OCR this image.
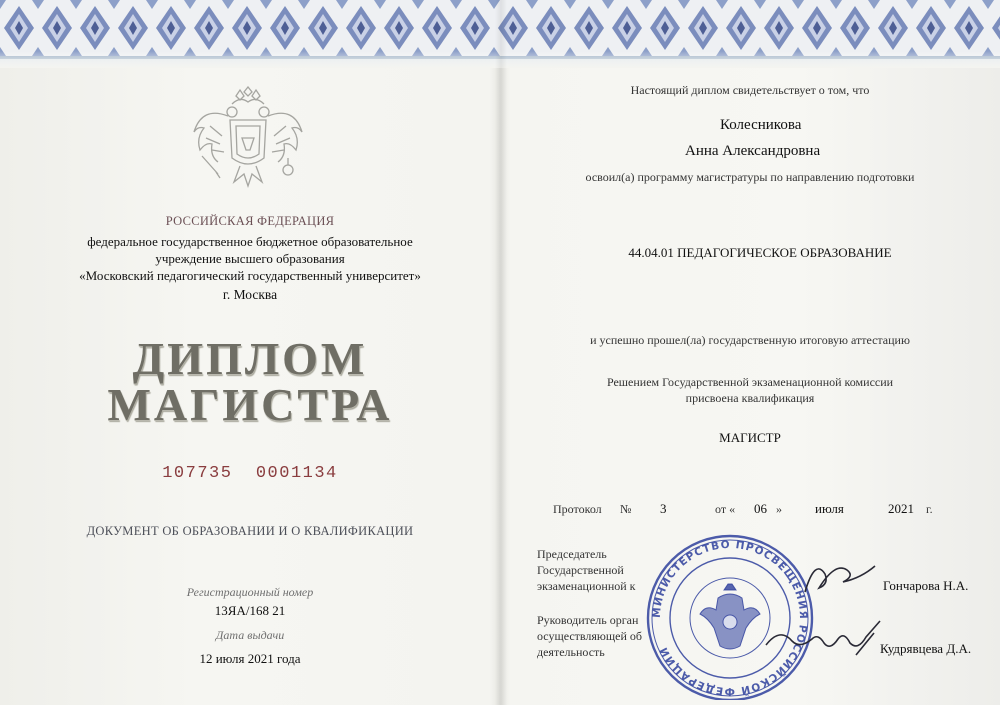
РОССИЙСКАЯ ФЕДЕРАЦИЯ
федеральное государственное бюджетное образовательное
учреждение высшего образования
«Московский педагогический государственный университет»
г. Москва
ДИПЛОМ
МАГИСТРА
107735  0001134
ДОКУМЕНТ ОБ ОБРАЗОВАНИИ И О КВАЛИФИКАЦИИ
Регистрационный номер
13ЯА/168 21
Дата выдачи
12 июля 2021 года
Настоящий диплом свидетельствует о том, что
Колесникова
Анна Александровна
освоил(а) программу магистратуры по направлению подготовки
44.04.01 ПЕДАГОГИЧЕСКОЕ ОБРАЗОВАНИЕ
и успешно прошел(ла) государственную итоговую аттестацию
Решением Государственной экзаменационной комиссии
присвоена квалификация
МАГИСТР
Протокол № 3	от « 06 »	июля	2021 г.
Председатель
Государственной
экзаменационной к	Гончарова Н.А.
Руководитель орган
осуществляющей об
деятельность	Кудрявцева Д.А.
МИНИСТЕРСТВО ПРОСВЕЩЕНИЯ РОССИЙСКОЙ ФЕДЕРАЦИИ
